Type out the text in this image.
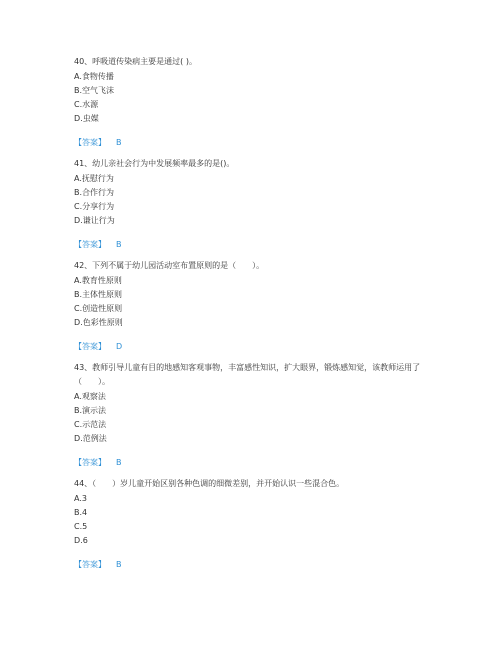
40、呼吸道传染病主要是通过( )。

A.食物传播

B.空气飞沫

C.水源

D.虫媒

【答案】 B

41、幼儿亲社会行为中发展频率最多的是()。

A.抚慰行为

B.合作行为

C.分享行为

D.谦让行为

【答案】 B

42、下列不属于幼儿园活动室布置原则的是（　　）。

A.教育性原则

B.主体性原则

C.创造性原则

D.色彩性原则

【答案】 D

43、教师引导儿童有目的地感知客观事物，丰富感性知识，扩大眼界，锻炼感知觉，该教师运用了（　　）。

A.观察法

B.演示法

C.示范法

D.范例法

【答案】 B

44、（　　）岁儿童开始区别各种色调的细微差别，并开始认识一些混合色。

A.3

B.4

C.5

D.6

【答案】 B
